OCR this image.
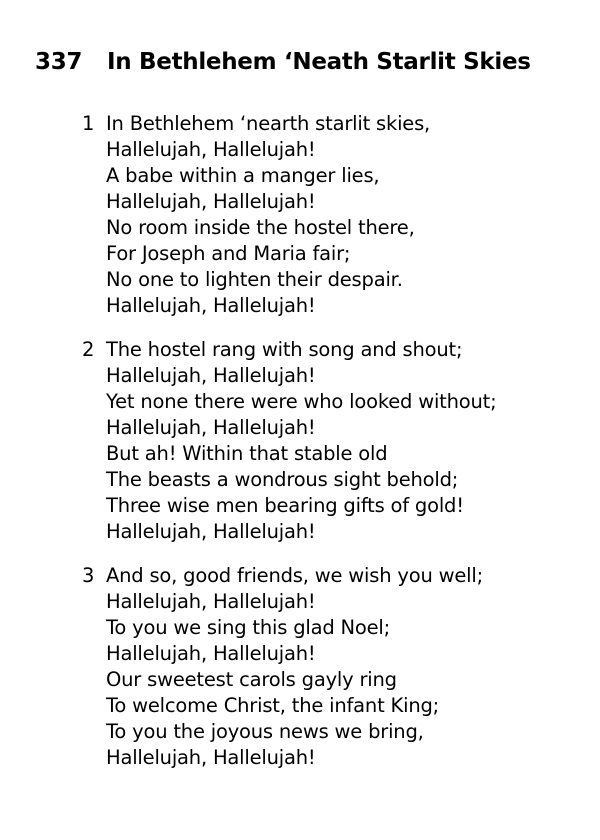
337 In Bethlehem ‘Neath Starlit Skies
1 In Bethlehem ‘nearth starlit skies,
Hallelujah, Hallelujah!
A babe within a manger lies,
Hallelujah, Hallelujah!
No room inside the hostel there,
For Joseph and Maria fair;
No one to lighten their despair.
Hallelujah, Hallelujah!
2 The hostel rang with song and shout;
Hallelujah, Hallelujah!
Yet none there were who looked without;
Hallelujah, Hallelujah!
But ah! Within that stable old
The beasts a wondrous sight behold;
Three wise men bearing gifts of gold!
Hallelujah, Hallelujah!
3 And so, good friends, we wish you well;
Hallelujah, Hallelujah!
To you we sing this glad Noel;
Hallelujah, Hallelujah!
Our sweetest carols gayly ring
To welcome Christ, the infant King;
To you the joyous news we bring,
Hallelujah, Hallelujah!
